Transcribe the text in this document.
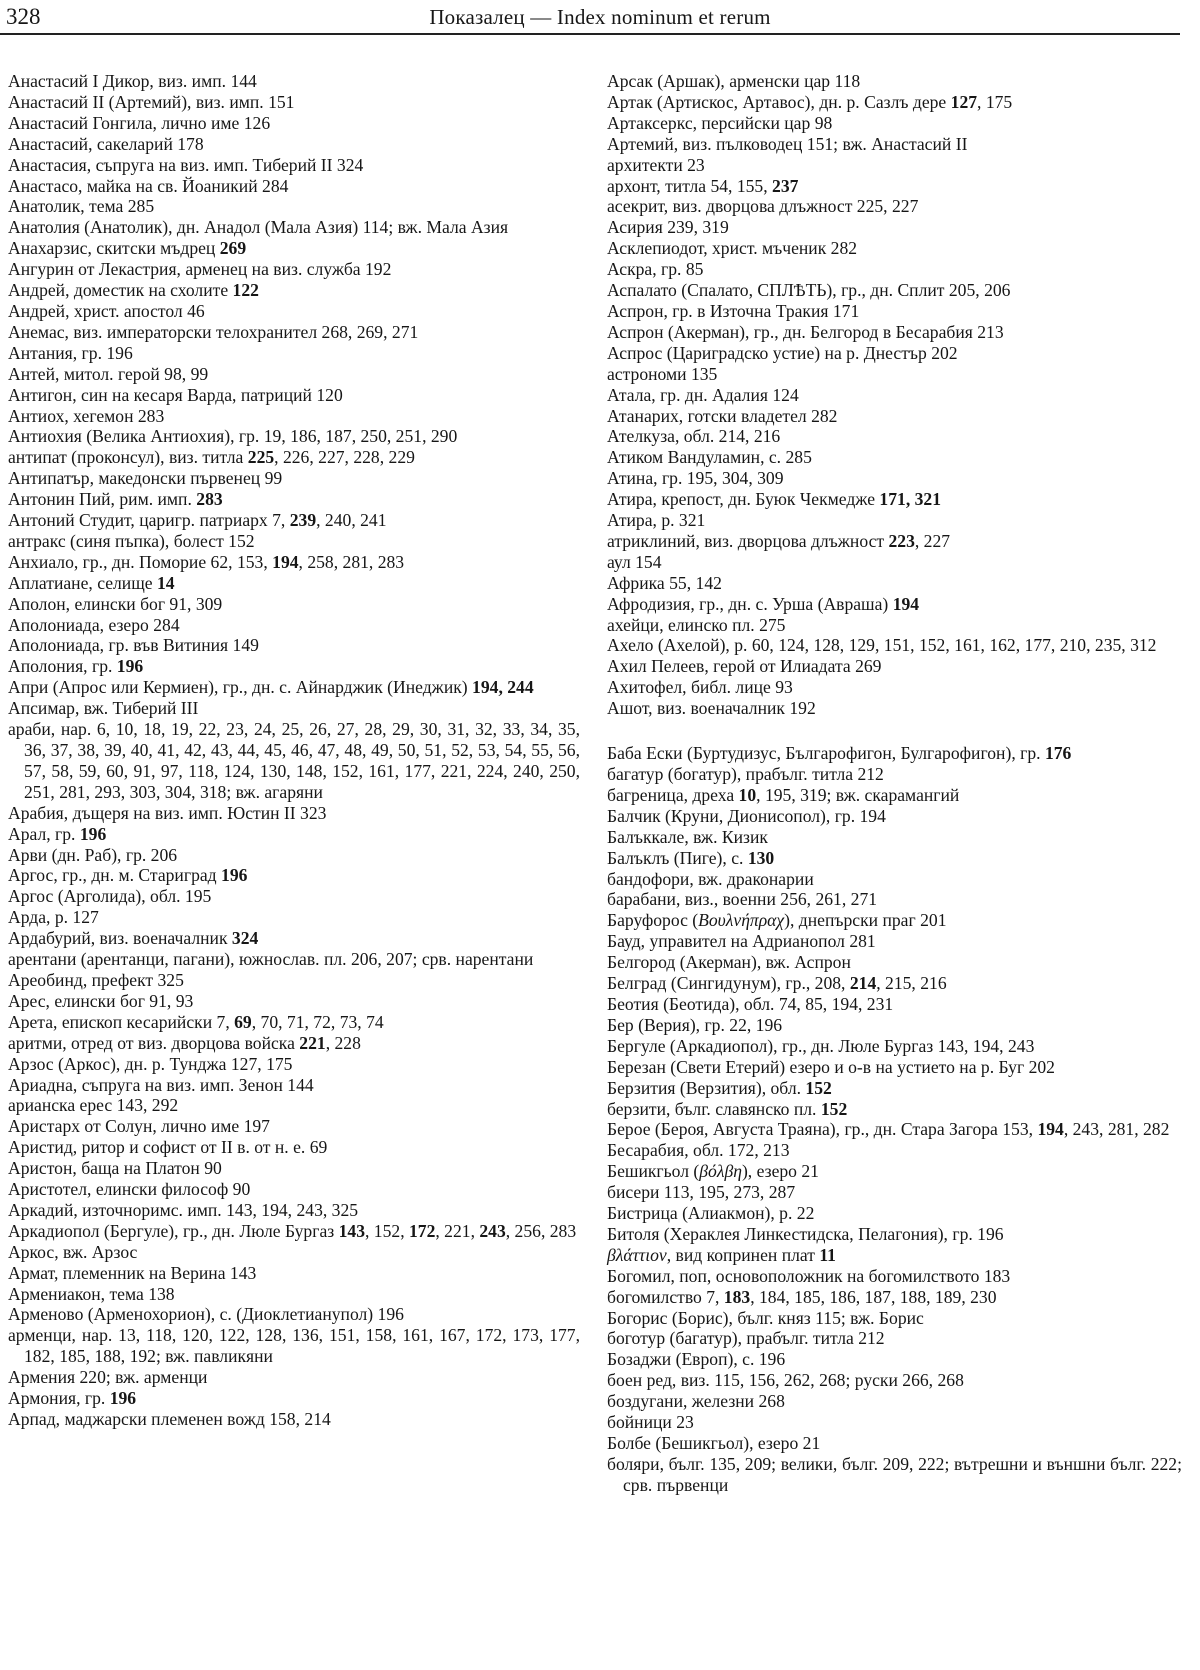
328	Показалец — Index nominum et rerum
Анастасий I Дикор, виз. имп. 144
Анастасий II (Артемий), виз. имп. 151
Анастасий Гонгила, лично име 126
Анастасий, сакеларий 178
Анастасия, съпруга на виз. имп. Тиберий II 324
Анастасо, майка на св. Йоаникий 284
Анатолик, тема 285
Анатолия (Анатолик), дн. Анадол (Мала Азия) 114; вж. Мала Азия
Анахарзис, скитски мъдрец 269
Ангурин от Лекастрия, арменец на виз. служба 192
Андрей, доместик на схолите 122
Андрей, христ. апостол 46
Анемас, виз. императорски телохранител 268, 269, 271
Антания, гр. 196
Антей, митол. герой 98, 99
Антигон, син на кесаря Варда, патриций 120
Антиох, хегемон 283
Антиохия (Велика Антиохия), гр. 19, 186, 187, 250, 251, 290
антипат (проконсул), виз. титла 225, 226, 227, 228, 229
Антипатър, македонски първенец 99
Антонин Пий, рим. имп. 283
Антоний Студит, царигр. патриарх 7, 239, 240, 241
антракс (синя пъпка), болест 152
Анхиало, гр., дн. Поморие 62, 153, 194, 258, 281, 283
Аплатиане, селище 14
Аполон, елински бог 91, 309
Аполониада, езеро 284
Аполониада, гр. във Витиния 149
Аполония, гр. 196
Апри (Апрос или Кермиен), гр., дн. с. Айнарджик (Инеджик) 194, 244
Апсимар, вж. Тиберий III
араби, нар. 6, 10, 18, 19, 22, 23, 24, 25, 26, 27, 28, 29, 30, 31, 32, 33, 34, 35, 36, 37, 38, 39, 40, 41, 42, 43, 44, 45, 46, 47, 48, 49, 50, 51, 52, 53, 54, 55, 56, 57, 58, 59, 60, 91, 97, 118, 124, 130, 148, 152, 161, 177, 221, 224, 240, 250, 251, 281, 293, 303, 304, 318; вж. агаряни
Арабия, дъщеря на виз. имп. Юстин II 323
Арал, гр. 196
Арви (дн. Раб), гр. 206
Аргос, гр., дн. м. Стариград 196
Аргос (Арголида), обл. 195
Арда, р. 127
Ардабурий, виз. военачалник 324
арентани (арентанци, пагани), южнослав. пл. 206, 207; срв. нарентани
Ареобинд, префект 325
Арес, елински бог 91, 93
Арета, епископ кесарийски 7, 69, 70, 71, 72, 73, 74
аритми, отред от виз. дворцова войска 221, 228
Арзос (Аркос), дн. р. Тунджа 127, 175
Ариадна, съпруга на виз. имп. Зенон 144
арианска ерес 143, 292
Аристарх от Солун, лично име 197
Аристид, ритор и софист от II в. от н. е. 69
Аристон, баща на Платон 90
Аристотел, елински философ 90
Аркадий, източноримс. имп. 143, 194, 243, 325
Аркадиопол (Бергуле), гр., дн. Люле Бургаз 143, 152, 172, 221, 243, 256, 283
Аркос, вж. Арзос
Армат, племенник на Верина 143
Армениакон, тема 138
Арменово (Арменохорион), с. (Диоклетианупол) 196
арменци, нар. 13, 118, 120, 122, 128, 136, 151, 158, 161, 167, 172, 173, 177, 182, 185, 188, 192; вж. павликяни
Армения 220; вж. арменци
Армония, гр. 196
Арпад, маджарски племенен вожд 158, 214
Арсак (Аршак), арменски цар 118
Артак (Артискос, Артавос), дн. р. Сазлъ дере 127, 175
Артаксеркс, персийски цар 98
Артемий, виз. пълководец 151; вж. Анастасий II
архитекти 23
архонт, титла 54, 155, 237
асекрит, виз. дворцова длъжност 225, 227
Асирия 239, 319
Асклепиодот, христ. мъченик 282
Аскра, гр. 85
Аспалато (Спалато, СПЛѢТЬ), гр., дн. Сплит 205, 206
Аспрон, гр. в Източна Тракия 171
Аспрон (Акерман), гр., дн. Белгород в Бесарабия 213
Аспрос (Цариградско устие) на р. Днестър 202
астрономи 135
Атала, гр. дн. Адалия 124
Атанарих, готски владетел 282
Ателкуза, обл. 214, 216
Атиком Вандуламин, с. 285
Атина, гр. 195, 304, 309
Атира, крепост, дн. Буюк Чекмедже 171, 321
Атира, р. 321
атриклиний, виз. дворцова длъжност 223, 227
аул 154
Африка 55, 142
Афродизия, гр., дн. с. Урша (Авраша) 194
ахейци, елинско пл. 275
Ахело (Ахелой), р. 60, 124, 128, 129, 151, 152, 161, 162, 177, 210, 235, 312
Ахил Пелеев, герой от Илиадата 269
Ахитофел, библ. лице 93
Ашот, виз. военачалник 192
Баба Ески (Буртудизус, Българофигон, Булгарофигон), гр. 176
багатур (богатур), прабълг. титла 212
багреница, дреха 10, 195, 319; вж. скарамангий
Балчик (Круни, Дионисопол), гр. 194
Балъккале, вж. Кизик
Балъклъ (Пиге), с. 130
бандофори, вж. драконарии
барабани, виз., военни 256, 261, 271
Баруфорос (Βουλνήπραχ), днепърски праг 201
Бауд, управител на Адрианопол 281
Белгород (Акерман), вж. Аспрон
Белград (Сингидунум), гр., 208, 214, 215, 216
Беотия (Беотида), обл. 74, 85, 194, 231
Бер (Верия), гр. 22, 196
Бергуле (Аркадиопол), гр., дн. Люле Бургаз 143, 194, 243
Березан (Свети Етерий) езеро и о-в на устието на р. Буг 202
Берзития (Верзития), обл. 152
берзити, бълг. славянско пл. 152
Берое (Бероя, Августа Траяна), гр., дн. Стара Загора 153, 194, 243, 281, 282
Бесарабия, обл. 172, 213
Бешикгьол (βόλβη), езеро 21
бисери 113, 195, 273, 287
Бистрица (Алиакмон), р. 22
Битоля (Хераклея Линкестидска, Пелагония), гр. 196
βλάττιον, вид копринен плат 11
Богомил, поп, основоположник на богомилството 183
богомилство 7, 183, 184, 185, 186, 187, 188, 189, 230
Богорис (Борис), бълг. княз 115; вж. Борис
боготур (багатур), прабълг. титла 212
Бозаджи (Европ), с. 196
боен ред, виз. 115, 156, 262, 268; руски 266, 268
боздугани, железни 268
бойници 23
Болбе (Бешикгьол), езеро 21
боляри, бълг. 135, 209; велики, бълг. 209, 222; вътрешни и външни бълг. 222; срв. първенци
